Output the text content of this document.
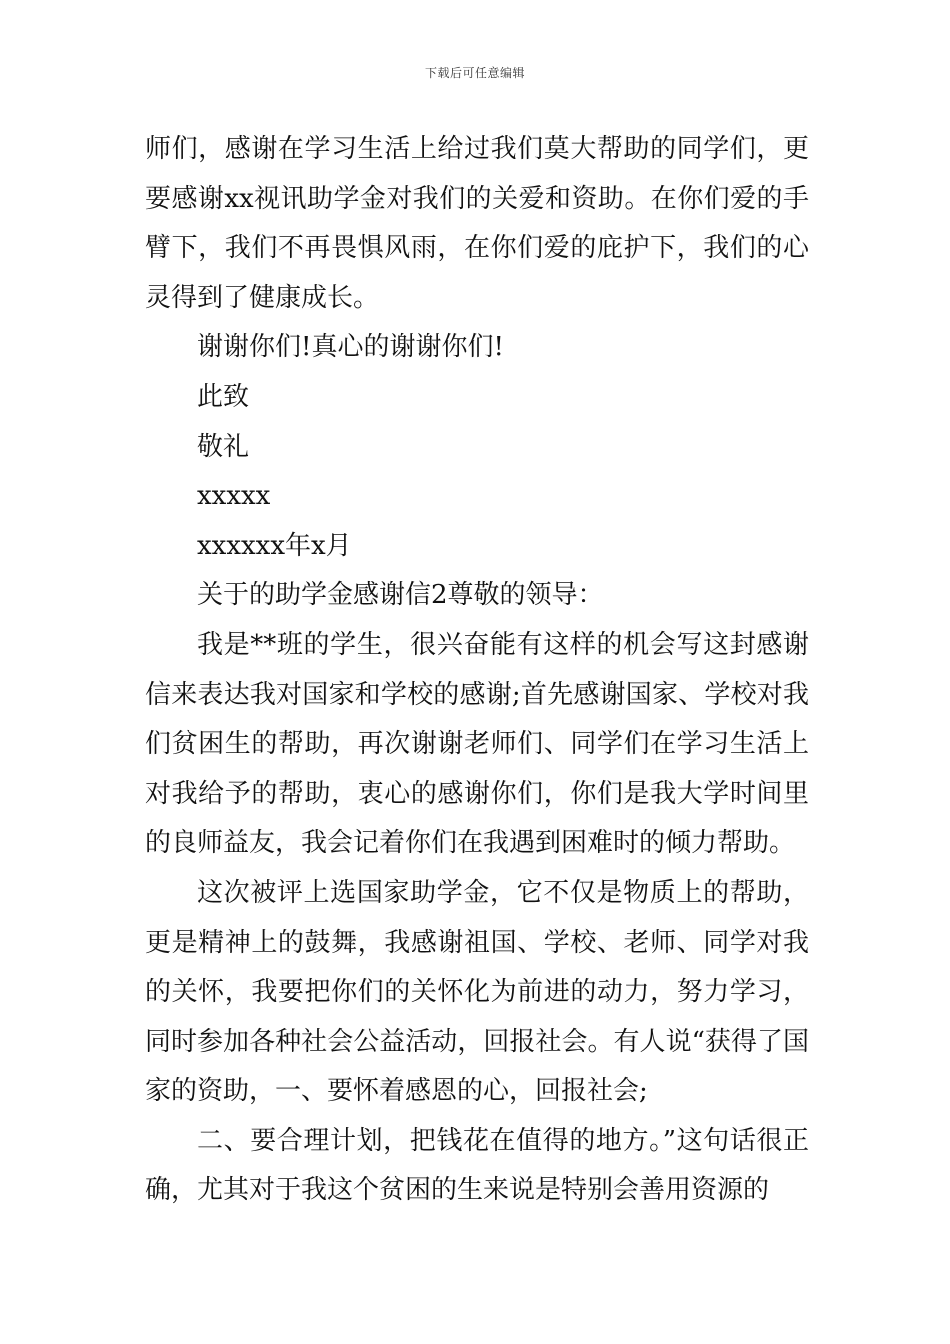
下载后可任意编辑

师们，感谢在学习生活上给过我们莫大帮助的同学们，更要感谢xx视讯助学金对我们的关爱和资助。在你们爱的手臂下，我们不再畏惧风雨，在你们爱的庇护下，我们的心灵得到了健康成长。

谢谢你们!真心的谢谢你们!

此致

敬礼

xxxxx

xxxxxx年x月

关于的助学金感谢信2尊敬的领导：

我是**班的学生，很兴奋能有这样的机会写这封感谢信来表达我对国家和学校的感谢;首先感谢国家、学校对我们贫困生的帮助，再次谢谢老师们、同学们在学习生活上对我给予的帮助，衷心的感谢你们，你们是我大学时间里的良师益友，我会记着你们在我遇到困难时的倾力帮助。

这次被评上选国家助学金，它不仅是物质上的帮助，更是精神上的鼓舞，我感谢祖国、学校、老师、同学对我的关怀，我要把你们的关怀化为前进的动力，努力学习，同时参加各种社会公益活动，回报社会。有人说“获得了国家的资助，一、要怀着感恩的心，回报社会;

二、要合理计划，把钱花在值得的地方。”这句话很正确，尤其对于我这个贫困的生来说是特别会善用资源的
